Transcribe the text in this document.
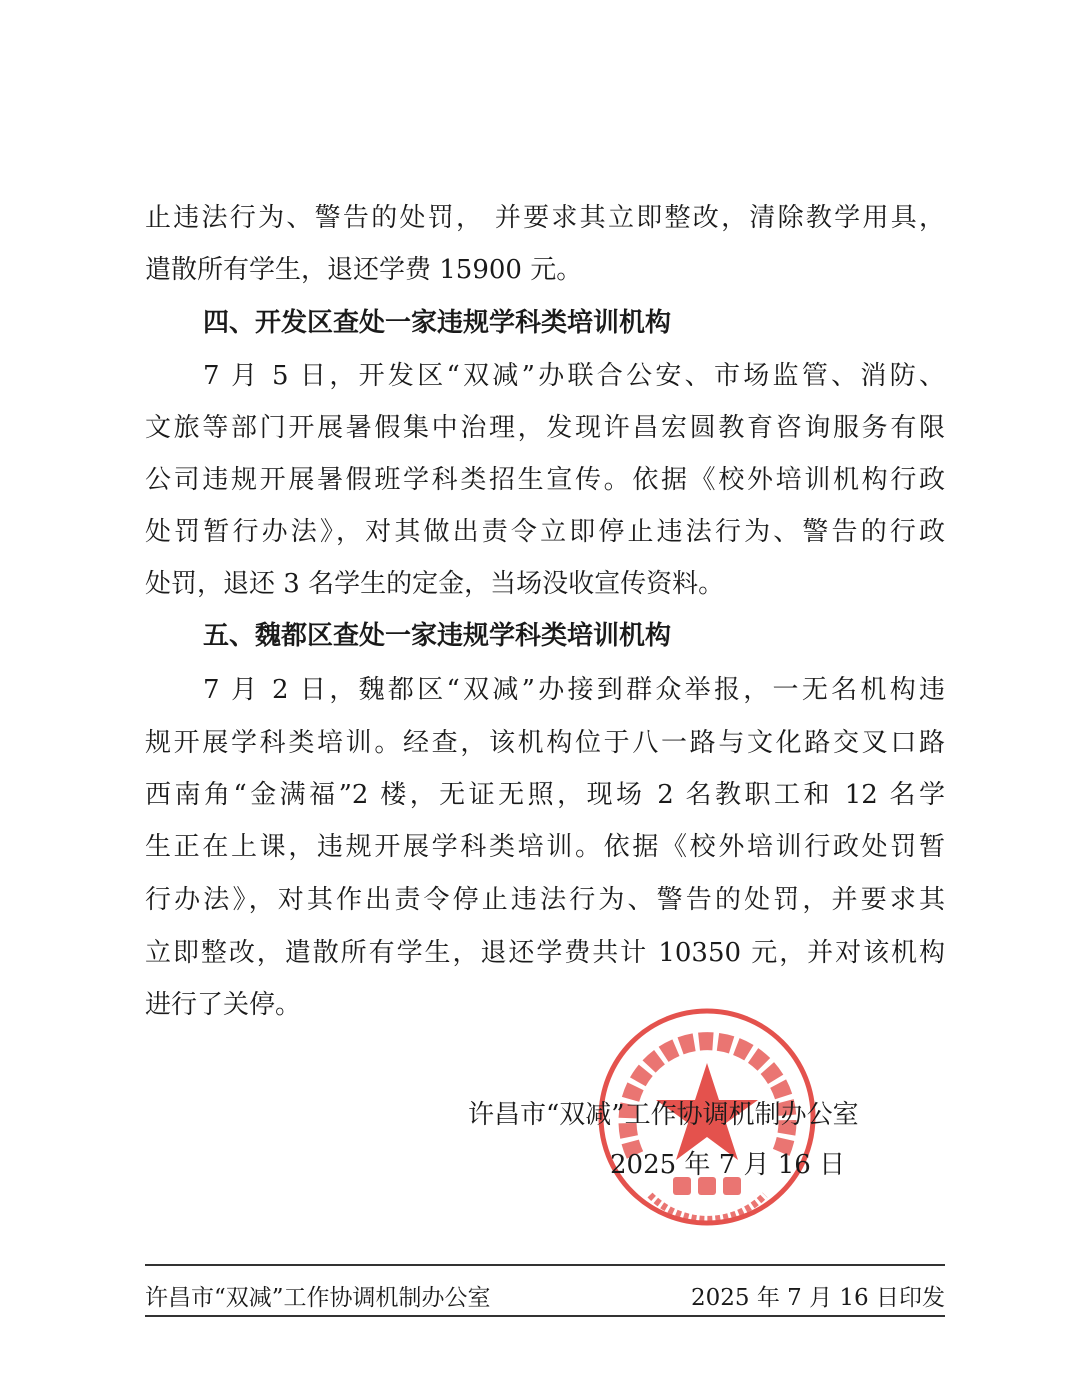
止违法行为、警告的处罚， 并要求其立即整改，清除教学用具，
遣散所有学生，退还学费 15900 元。
四、开发区查处一家违规学科类培训机构
7 月 5 日，开发区“双减”办联合公安、市场监管、消防、
文旅等部门开展暑假集中治理，发现许昌宏圆教育咨询服务有限
公司违规开展暑假班学科类招生宣传。依据《校外培训机构行政
处罚暂行办法》，对其做出责令立即停止违法行为、警告的行政
处罚，退还 3 名学生的定金，当场没收宣传资料。
五、魏都区查处一家违规学科类培训机构
7 月 2 日，魏都区“双减”办接到群众举报，一无名机构违
规开展学科类培训。经查，该机构位于八一路与文化路交叉口路
西南角“金满福”2 楼，无证无照，现场 2 名教职工和 12 名学
生正在上课，违规开展学科类培训。依据《校外培训行政处罚暂
行办法》，对其作出责令停止违法行为、警告的处罚，并要求其
立即整改，遣散所有学生，退还学费共计 10350 元，并对该机构
进行了关停。
许昌市“双减”工作协调机制办公室
2025 年 7 月 16 日
许昌市“双减”工作协调机制办公室	2025 年 7 月 16 日印发
